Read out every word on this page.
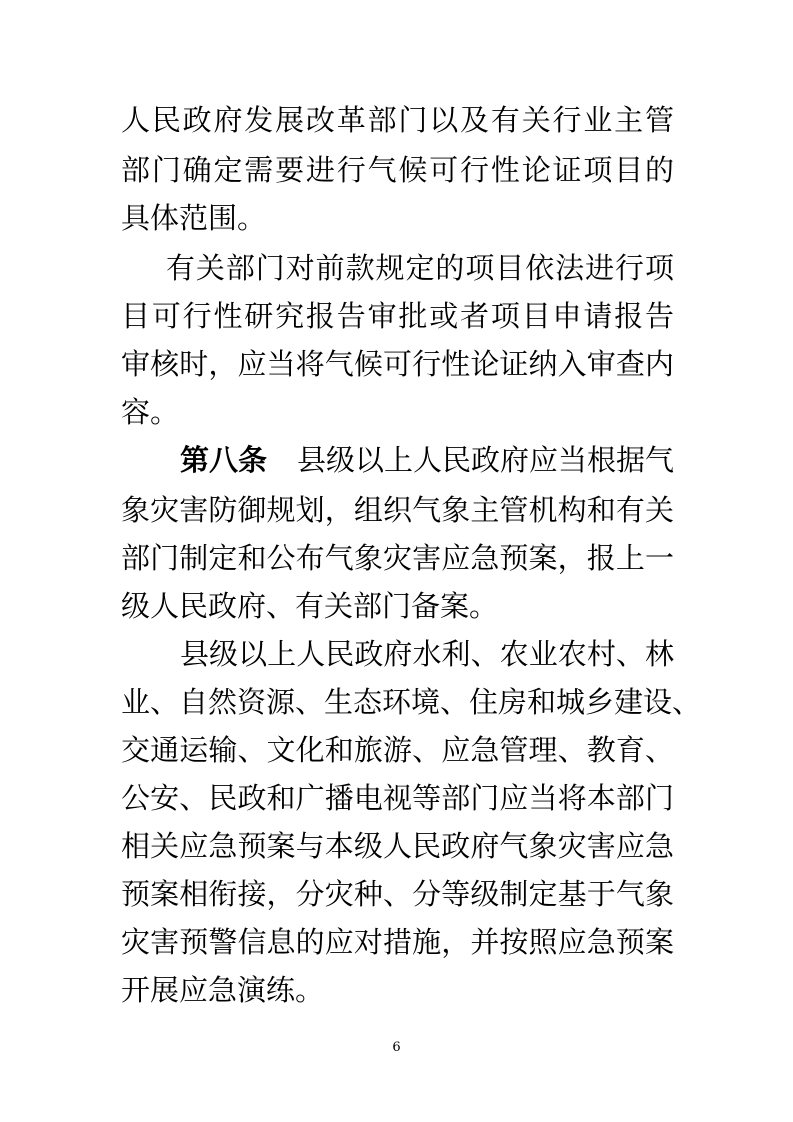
人民政府发展改革部门以及有关行业主管
部门确定需要进行气候可行性论证项目的
具体范围。
有关部门对前款规定的项目依法进行项
目可行性研究报告审批或者项目申请报告
审核时，应当将气候可行性论证纳入审查内
容。
第八条 县级以上人民政府应当根据气
象灾害防御规划，组织气象主管机构和有关
部门制定和公布气象灾害应急预案，报上一
级人民政府、有关部门备案。
县级以上人民政府水利、农业农村、林
业、自然资源、生态环境、住房和城乡建设、
交通运输、文化和旅游、应急管理、教育、
公安、民政和广播电视等部门应当将本部门
相关应急预案与本级人民政府气象灾害应急
预案相衔接，分灾种、分等级制定基于气象
灾害预警信息的应对措施，并按照应急预案
开展应急演练。
6
